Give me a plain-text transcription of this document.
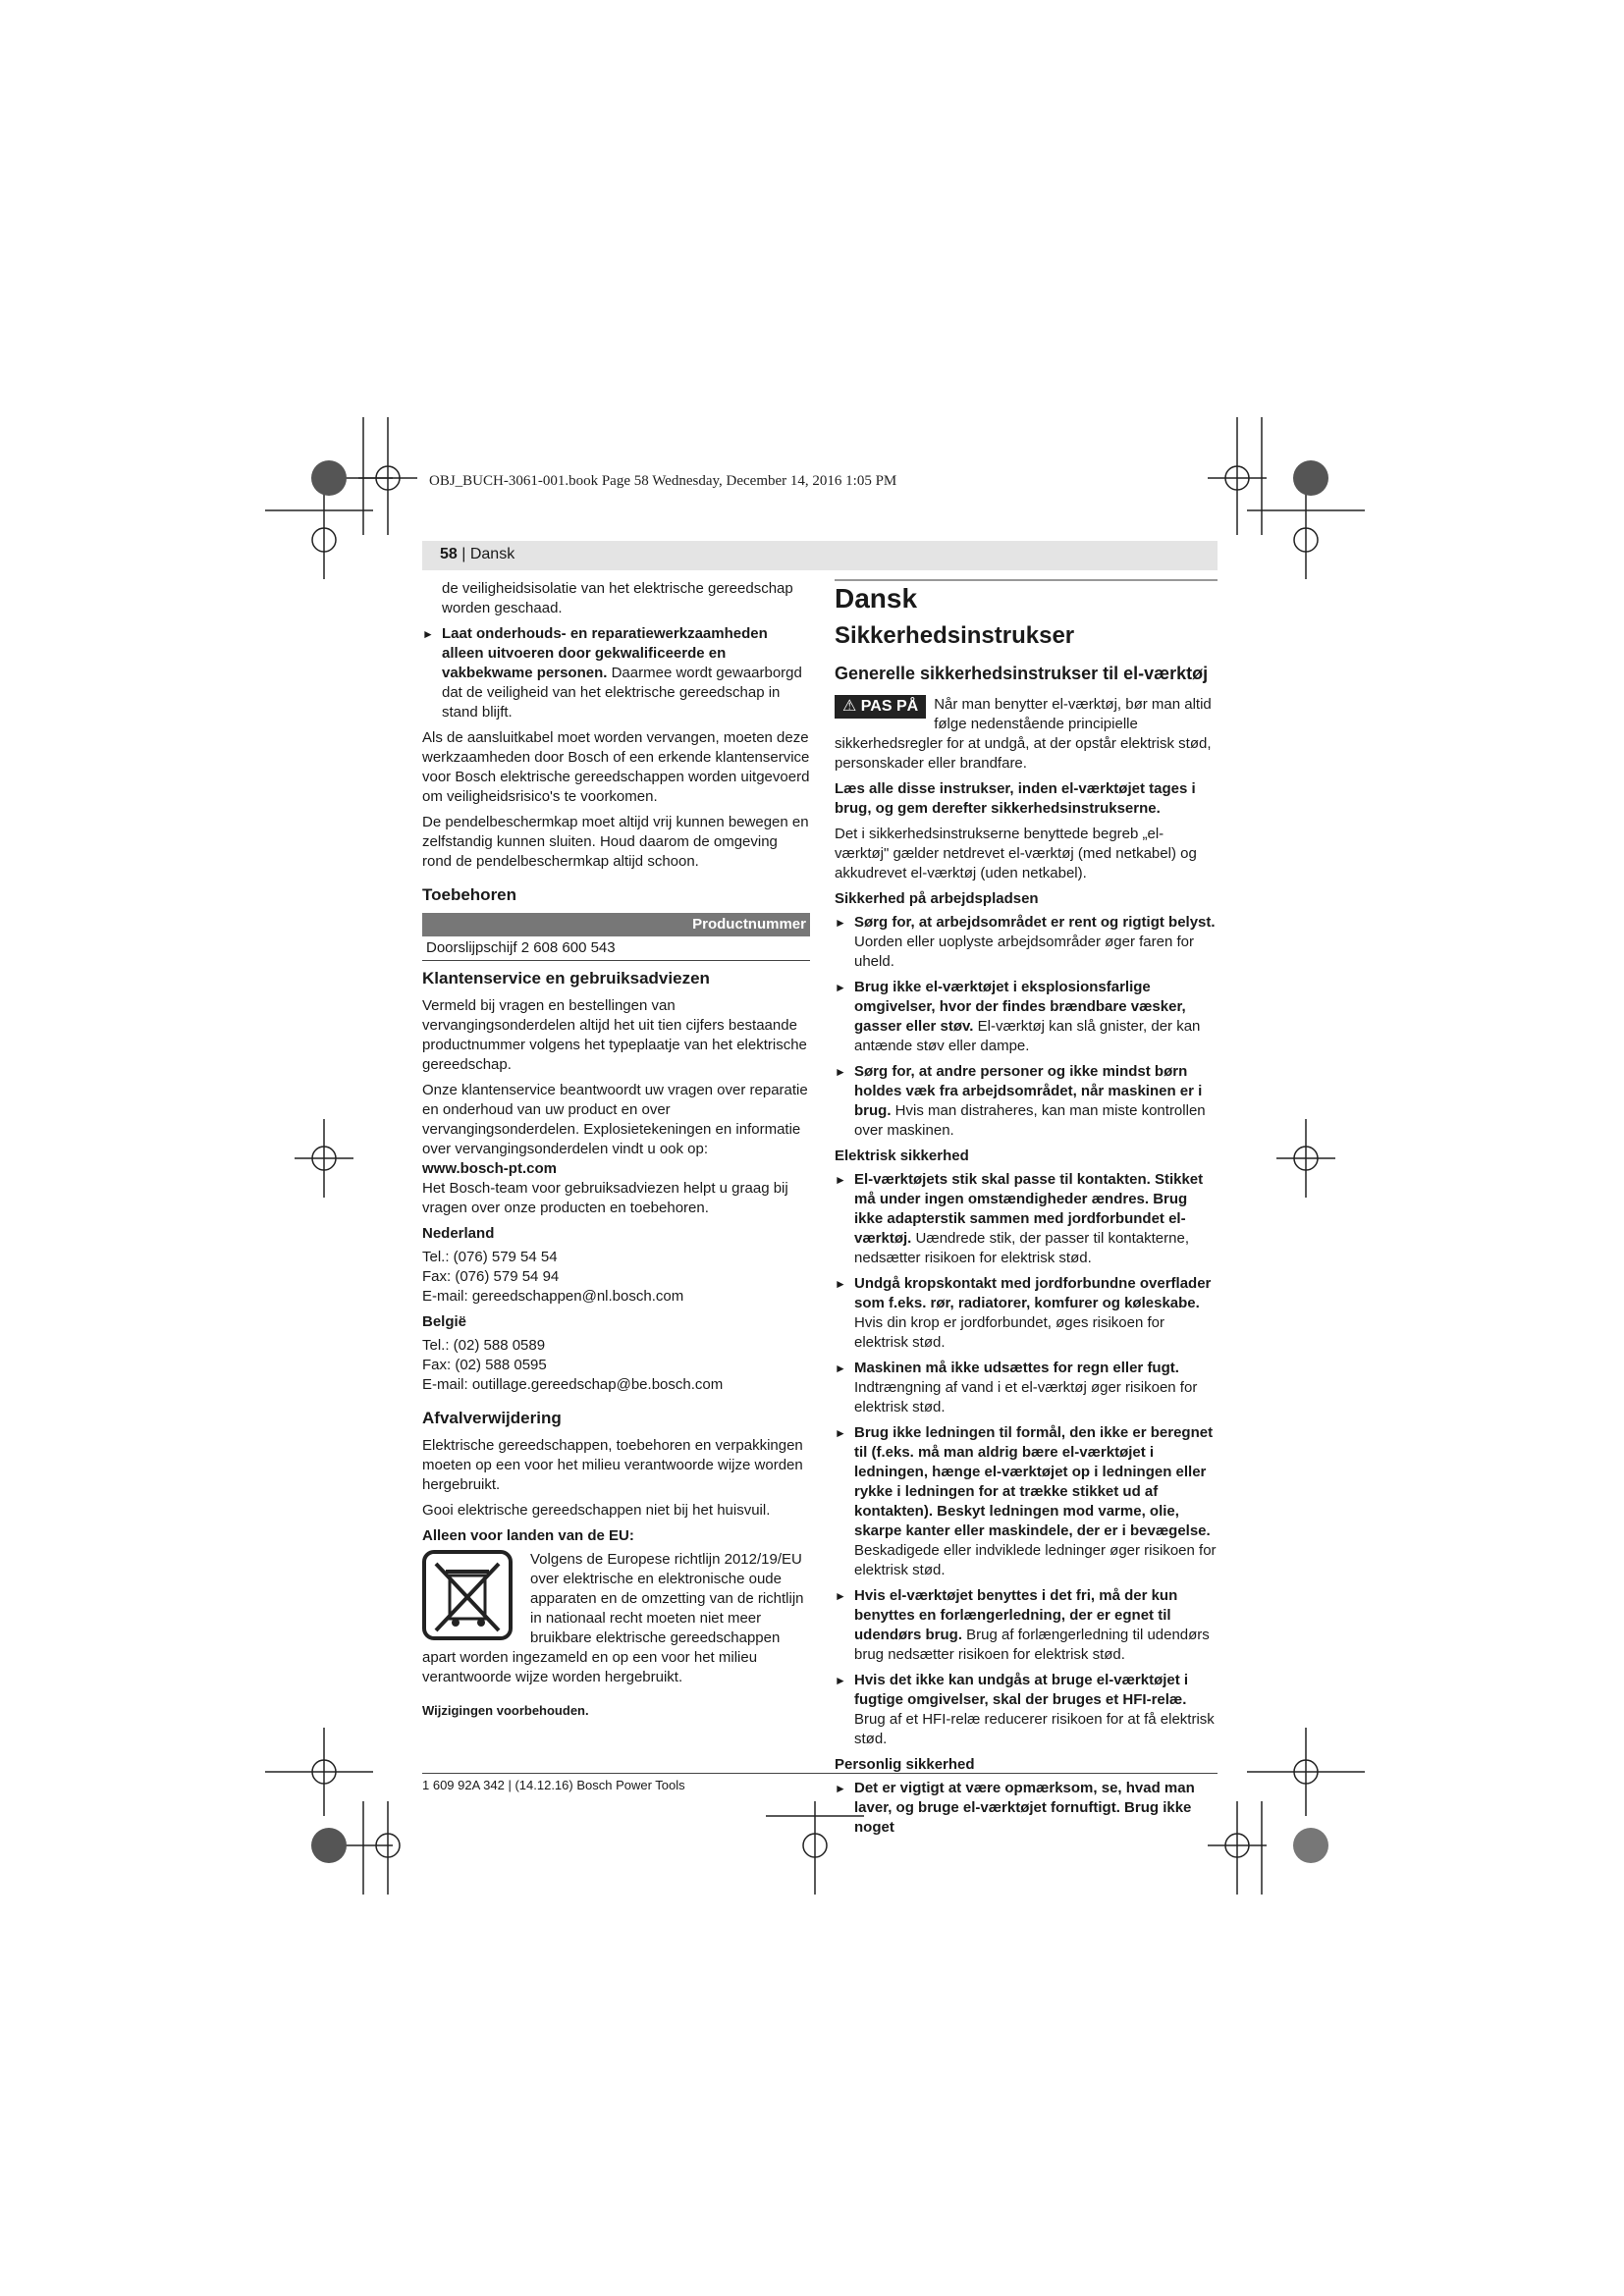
OBJ_BUCH-3061-001.book Page 58 Wednesday, December 14, 2016 1:05 PM
58 | Dansk

de veiligheidsisolatie van het elektrische gereedschap worden geschaad.

► Laat onderhouds- en reparatiewerkzaamheden alleen uitvoeren door gekwalificeerde en vakbekwame personen. Daarmee wordt gewaarborgd dat de veiligheid van het elektrische gereedschap in stand blijft.

Als de aansluitkabel moet worden vervangen, moeten deze werkzaamheden door Bosch of een erkende klantenservice voor Bosch elektrische gereedschappen worden uitgevoerd om veiligheidsrisico's te voorkomen.

De pendelbeschermkap moet altijd vrij kunnen bewegen en zelfstandig kunnen sluiten. Houd daarom de omgeving rond de pendelbeschermkap altijd schoon.

Toebehoren
Productnummer
Doorslijpschijf 2 608 600 543
Klantenservice en gebruiksadviezen

Vermeld bij vragen en bestellingen van vervangingsonderdelen altijd het uit tien cijfers bestaande productnummer volgens het typeplaatje van het elektrische gereedschap.

Onze klantenservice beantwoordt uw vragen over reparatie en onderhoud van uw product en over vervangingsonderdelen. Explosietekeningen en informatie over vervangingsonderdelen vindt u ook op:

www.bosch-pt.com

Het Bosch-team voor gebruiksadviezen helpt u graag bij vragen over onze producten en toebehoren.

Nederland
Tel.: (076) 579 54 54
Fax: (076) 579 54 94
E-mail: gereedschappen@nl.bosch.com
België
Tel.: (02) 588 0589
Fax: (02) 588 0595
E-mail: outillage.gereedschap@be.bosch.com
Afvalverwijdering

Elektrische gereedschappen, toebehoren en verpakkingen moeten op een voor het milieu verantwoorde wijze worden hergebruikt.

Gooi elektrische gereedschappen niet bij het huisvuil.

Alleen voor landen van de EU:

Volgens de Europese richtlijn 2012/19/EU over elektrische en elektronische oude apparaten en de omzetting van de richtlijn in nationaal recht moeten niet meer bruikbare elektrische gereedschappen apart worden ingezameld en op een voor het milieu verantwoorde wijze worden hergebruikt.

Wijzigingen voorbehouden.
Dansk
Sikkerhedsinstrukser
Generelle sikkerhedsinstrukser til el-værktøj
⚠ PAS PÅ	Når man benytter el-værktøj, bør man altid følge nedenstående principielle sikkerhedsregler for at undgå, at der opstår elektrisk stød, personskader eller brandfare.

Læs alle disse instrukser, inden el-værktøjet tages i brug, og gem derefter sikkerhedsinstrukserne.

Det i sikkerhedsinstrukserne benyttede begreb „el-værktøj" gælder netdrevet el-værktøj (med netkabel) og akkudrevet el-værktøj (uden netkabel).

Sikkerhed på arbejdspladsen
► Sørg for, at arbejdsområdet er rent og rigtigt belyst. Uorden eller uoplyste arbejdsområder øger faren for uheld.
► Brug ikke el-værktøjet i eksplosionsfarlige omgivelser, hvor der findes brændbare væsker, gasser eller støv. El-værktøj kan slå gnister, der kan antænde støv eller dampe.
► Sørg for, at andre personer og ikke mindst børn holdes væk fra arbejdsområdet, når maskinen er i brug. Hvis man distraheres, kan man miste kontrollen over maskinen.
Elektrisk sikkerhed
► El-værktøjets stik skal passe til kontakten. Stikket må under ingen omstændigheder ændres. Brug ikke adapterstik sammen med jordforbundet el-værktøj. Uændrede stik, der passer til kontakterne, nedsætter risikoen for elektrisk stød.
► Undgå kropskontakt med jordforbundne overflader som f.eks. rør, radiatorer, komfurer og køleskabe. Hvis din krop er jordforbundet, øges risikoen for elektrisk stød.
► Maskinen må ikke udsættes for regn eller fugt. Indtrængning af vand i et el-værktøj øger risikoen for elektrisk stød.
► Brug ikke ledningen til formål, den ikke er beregnet til (f.eks. må man aldrig bære el-værktøjet i ledningen, hænge el-værktøjet op i ledningen eller rykke i ledningen for at trække stikket ud af kontakten). Beskyt ledningen mod varme, olie, skarpe kanter eller maskindele, der er i bevægelse. Beskadigede eller indviklede ledninger øger risikoen for elektrisk stød.
► Hvis el-værktøjet benyttes i det fri, må der kun benyttes en forlængerledning, der er egnet til udendørs brug. Brug af forlængerledning til udendørs brug nedsætter risikoen for elektrisk stød.
► Hvis det ikke kan undgås at bruge el-værktøjet i fugtige omgivelser, skal der bruges et HFI-relæ. Brug af et HFI-relæ reducerer risikoen for at få elektrisk stød.
Personlig sikkerhed
► Det er vigtigt at være opmærksom, se, hvad man laver, og bruge el-værktøjet fornuftigt. Brug ikke noget
1 609 92A 342 | (14.12.16) Bosch Power Tools
